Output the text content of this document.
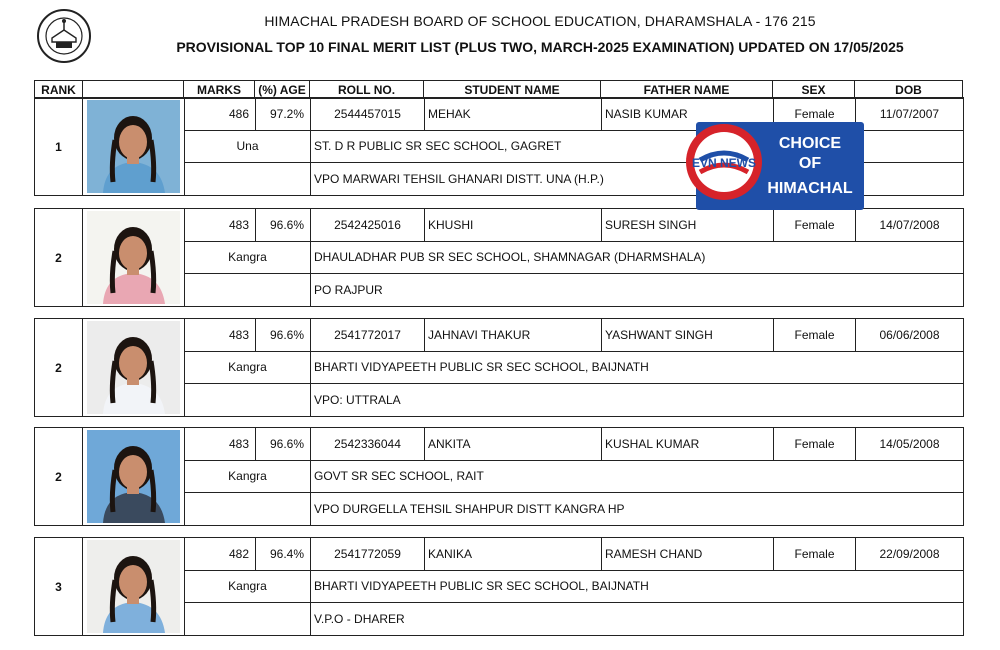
HIMACHAL PRADESH BOARD OF SCHOOL EDUCATION, DHARAMSHALA - 176 215
PROVISIONAL TOP 10 FINAL MERIT LIST (PLUS TWO, MARCH-2025 EXAMINATION) UPDATED ON 17/05/2025
RANK		MARKS	(%) AGE	ROLL NO.	STUDENT NAME	FATHER NAME	SEX	DOB
1		486	97.2%	2544457015	MEHAK	NASIB KUMAR	Female	11/07/2007
		Una		ST. D R PUBLIC SR SEC SCHOOL, GAGRET				
				VPO MARWARI TEHSIL GHANARI DISTT. UNA (H.P.)				
2		483	96.6%	2542425016	KHUSHI	SURESH SINGH	Female	14/07/2008
		Kangra		DHAULADHAR PUB SR SEC SCHOOL, SHAMNAGAR (DHARMSHALA)				
				PO RAJPUR				
2		483	96.6%	2541772017	JAHNAVI THAKUR	YASHWANT SINGH	Female	06/06/2008
		Kangra		BHARTI VIDYAPEETH PUBLIC SR SEC SCHOOL, BAIJNATH				
				VPO: UTTRALA				
2		483	96.6%	2542336044	ANKITA	KUSHAL KUMAR	Female	14/05/2008
		Kangra		GOVT SR SEC SCHOOL, RAIT				
				VPO DURGELLA TEHSIL SHAHPUR DISTT KANGRA HP				
3		482	96.4%	2541772059	KANIKA	RAMESH CHAND	Female	22/09/2008
		Kangra		BHARTI VIDYAPEETH PUBLIC SR SEC SCHOOL, BAIJNATH				
				V.P.O - DHARER				
EVN NEWS
CHOICE
OF
HIMACHAL
